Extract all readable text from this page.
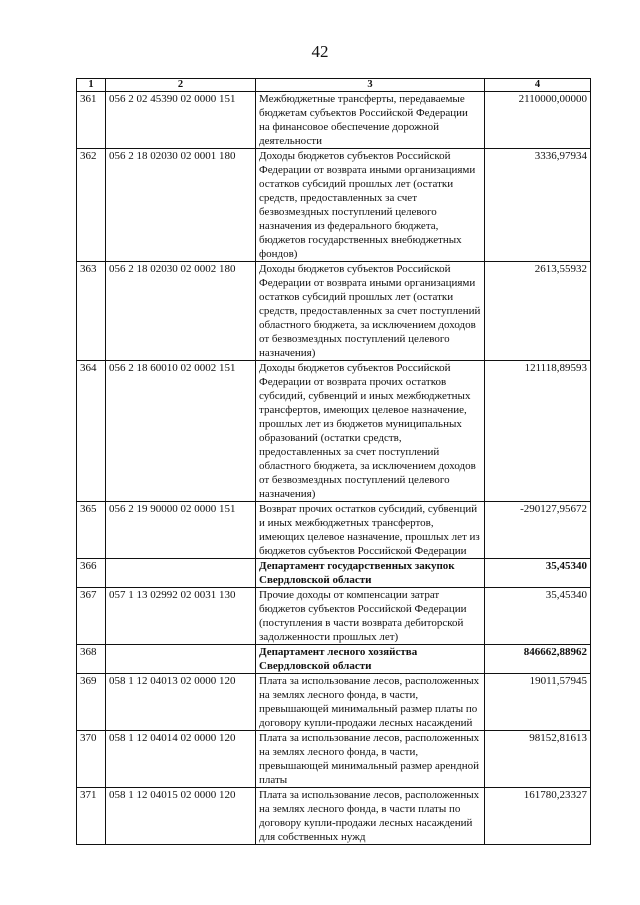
42
1	2	3	4
361	056 2 02 45390 02 0000 151	Межбюджетные трансферты, передаваемые бюджетам субъектов Российской Федерации на финансовое обеспечение дорожной деятельности	2110000,00000
362	056 2 18 02030 02 0001 180	Доходы бюджетов субъектов Российской Федерации от возврата иными организациями остатков субсидий прошлых лет (остатки средств, предоставленных за счет безвозмездных поступлений целевого назначения из федерального бюджета, бюджетов государственных внебюджетных фондов)	3336,97934
363	056 2 18 02030 02 0002 180	Доходы бюджетов субъектов Российской Федерации от возврата иными организациями остатков субсидий прошлых лет (остатки средств, предоставленных за счет поступлений областного бюджета, за исключением доходов от безвозмездных поступлений целевого назначения)	2613,55932
364	056 2 18 60010 02 0002 151	Доходы бюджетов субъектов Российской Федерации от возврата прочих остатков субсидий, субвенций и иных межбюджетных трансфертов, имеющих целевое назначение, прошлых лет из бюджетов муниципальных образований (остатки средств, предоставленных за счет поступлений областного бюджета, за исключением доходов от безвозмездных поступлений целевого назначения)	121118,89593
365	056 2 19 90000 02 0000 151	Возврат прочих остатков субсидий, субвенций и иных межбюджетных трансфертов, имеющих целевое назначение, прошлых лет из бюджетов субъектов Российской Федерации	-290127,95672
366		Департамент государственных закупок Свердловской области	35,45340
367	057 1 13 02992 02 0031 130	Прочие доходы от компенсации затрат бюджетов субъектов Российской Федерации (поступления в части возврата дебиторской задолженности прошлых лет)	35,45340
368		Департамент лесного хозяйства Свердловской области	846662,88962
369	058 1 12 04013 02 0000 120	Плата за использование лесов, расположенных на землях лесного фонда, в части, превышающей минимальный размер платы по договору купли-продажи лесных насаждений	19011,57945
370	058 1 12 04014 02 0000 120	Плата за использование лесов, расположенных на землях лесного фонда, в части, превышающей минимальный размер арендной платы	98152,81613
371	058 1 12 04015 02 0000 120	Плата за использование лесов, расположенных на землях лесного фонда, в части платы по договору купли-продажи лесных насаждений для собственных нужд	161780,23327
